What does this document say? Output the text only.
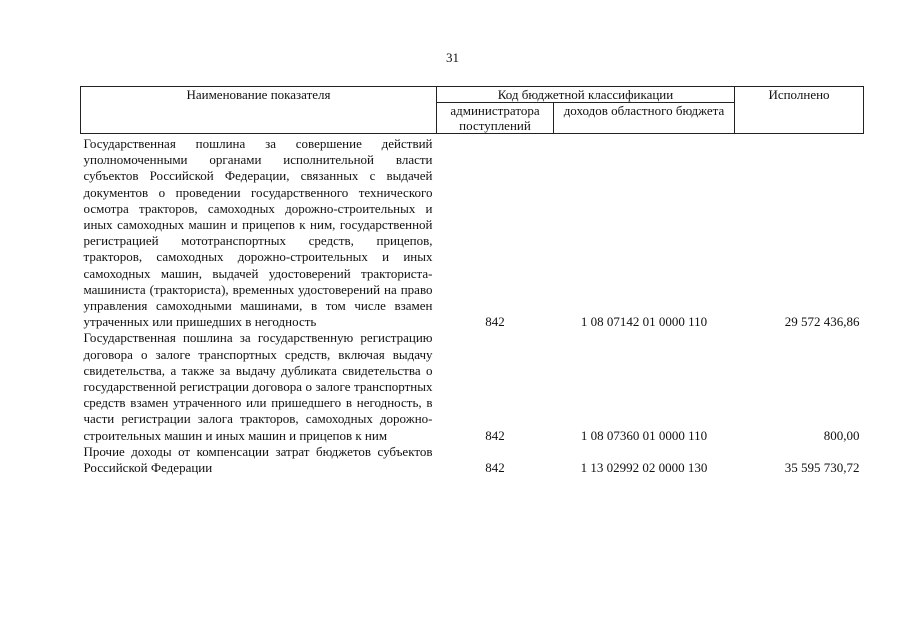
31
Наименование показателя	Код бюджетной классификации		Исполнено
	администратора поступлений	доходов областного бюджета	
Государственная пошлина за совершение действий уполномоченными органами исполнительной власти субъектов Российской Федерации, связанных с выдачей документов о проведении государственного технического осмотра тракторов, самоходных дорожно-строительных и иных самоходных машин и прицепов к ним, государственной регистрацией мототранспортных средств, прицепов, тракторов, самоходных дорожно-строительных и иных самоходных машин, выдачей удостоверений тракториста-машиниста (тракториста), временных удостоверений на право управления самоходными машинами, в том числе взамен утраченных или пришедших в негодность	842	1 08 07142 01 0000 110	29 572 436,86
Государственная пошлина за государственную регистрацию договора о залоге транспортных средств, включая выдачу свидетельства, а также за выдачу дубликата свидетельства о государственной регистрации договора о залоге транспортных средств взамен утраченного или пришедшего в негодность, в части регистрации залога тракторов, самоходных дорожно-строительных машин и иных машин и прицепов к ним	842	1 08 07360 01 0000 110	800,00
Прочие доходы от компенсации затрат бюджетов субъектов Российской Федерации	842	1 13 02992 02 0000 130	35 595 730,72
